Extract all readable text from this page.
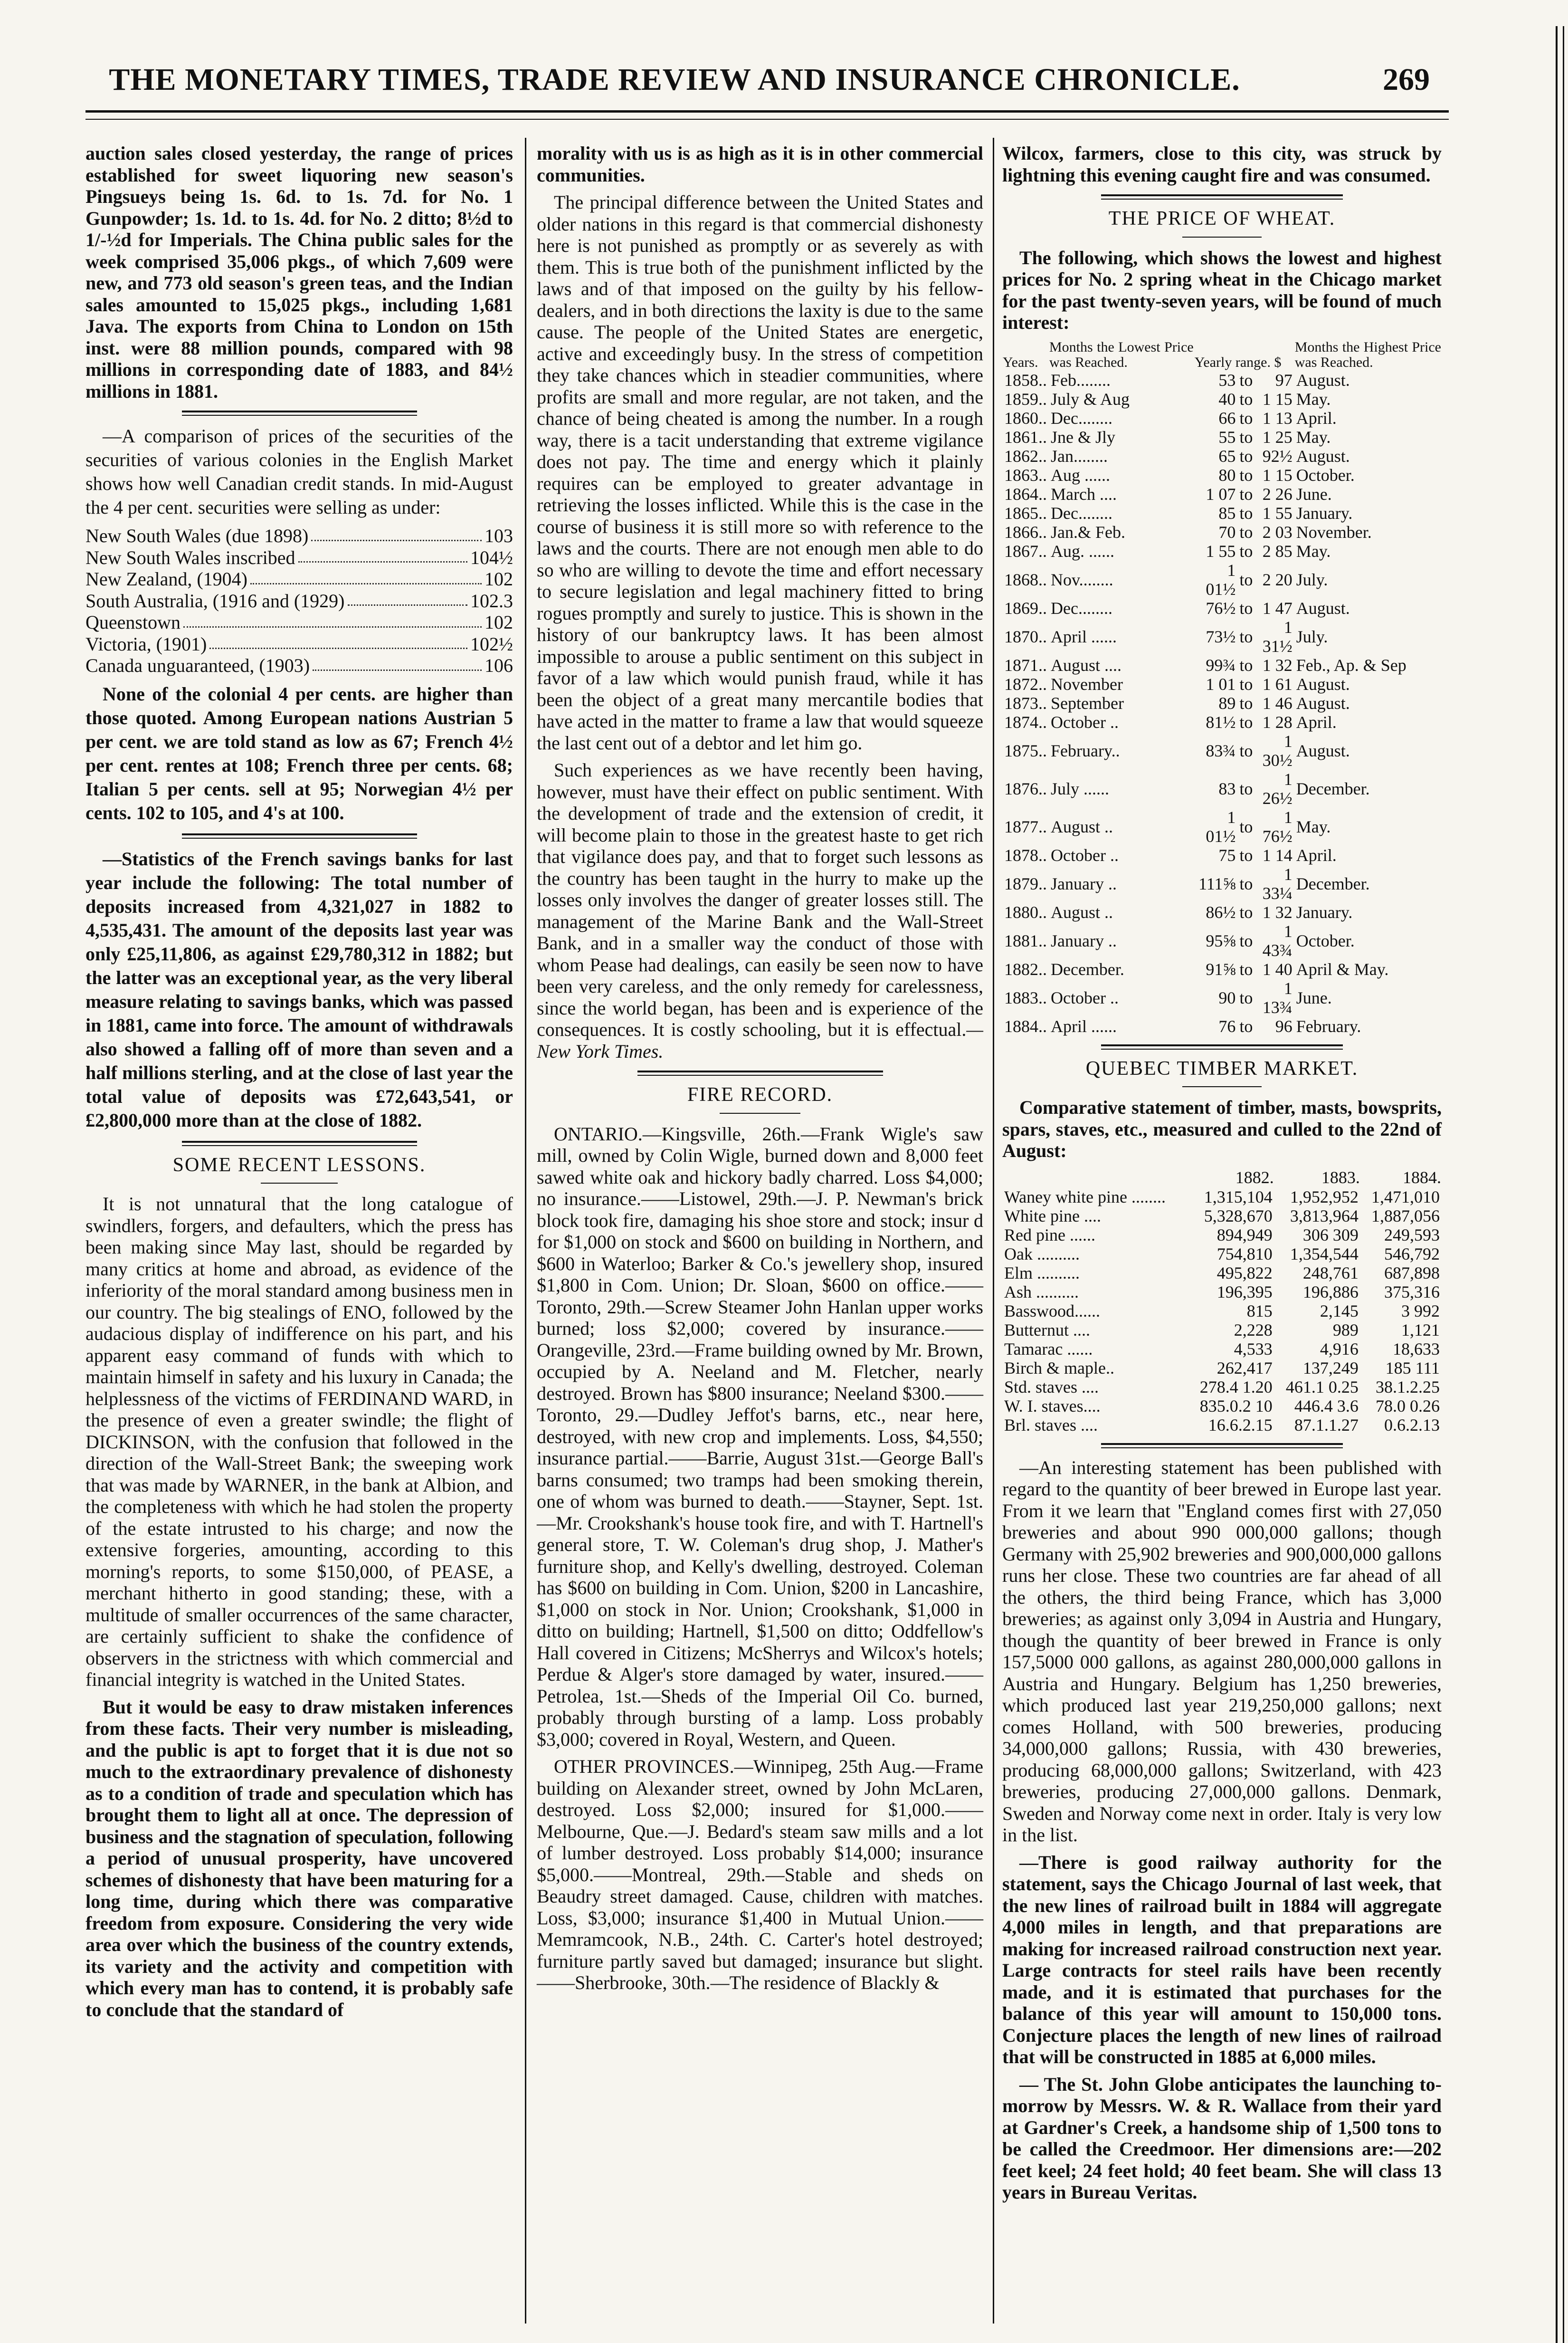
THE MONETARY TIMES, TRADE REVIEW AND INSURANCE CHRONICLE.	269

auction sales closed yesterday, the range of prices established for sweet liquoring new season's Pingsueys being 1s. 6d. to 1s. 7d. for No. 1 Gunpowder; 1s. 1d. to 1s. 4d. for No. 2 ditto; 8½d to 1/-½d for Imperials. The China public sales for the week comprised 35,006 pkgs., of which 7,609 were new, and 773 old season's green teas, and the Indian sales amounted to 15,025 pkgs., including 1,681 Java. The exports from China to London on 15th inst. were 88 million pounds, compared with 98 millions in corresponding date of 1883, and 84½ millions in 1881.

—A comparison of prices of the securities of the securities of various colonies in the English Market shows how well Canadian credit stands. In mid-August the 4 per cent. securities were selling as under:

New South Wales (due 1898)	103
New South Wales inscribed	104½
New Zealand, (1904)	102
South Australia, (1916 and (1929)	102.3
Queenstown	102
Victoria, (1901)	102½
Canada unguaranteed, (1903)	106

None of the colonial 4 per cents. are higher than those quoted. Among European nations Austrian 5 per cent. we are told stand as low as 67; French 4½ per cent. rentes at 108; French three per cents. 68; Italian 5 per cents. sell at 95; Norwegian 4½ per cents. 102 to 105, and 4's at 100.

—Statistics of the French savings banks for last year include the following: The total number of deposits increased from 4,321,027 in 1882 to 4,535,431. The amount of the deposits last year was only £25,11,806, as against £29,780,312 in 1882; but the latter was an exceptional year, as the very liberal measure relating to savings banks, which was passed in 1881, came into force. The amount of withdrawals also showed a falling off of more than seven and a half millions sterling, and at the close of last year the total value of deposits was £72,643,541, or £2,800,000 more than at the close of 1882.

SOME RECENT LESSONS.

It is not unnatural that the long catalogue of swindlers, forgers, and defaulters, which the press has been making since May last, should be regarded by many critics at home and abroad, as evidence of the inferiority of the moral standard among business men in our country. The big stealings of ENO, followed by the audacious display of indifference on his part, and his apparent easy command of funds with which to maintain himself in safety and his luxury in Canada; the helplessness of the victims of FERDINAND WARD, in the presence of even a greater swindle; the flight of DICKINSON, with the confusion that followed in the direction of the Wall-Street Bank; the sweeping work that was made by WARNER, in the bank at Albion, and the completeness with which he had stolen the property of the estate intrusted to his charge; and now the extensive forgeries, amounting, according to this morning's reports, to some $150,000, of PEASE, a merchant hitherto in good standing; these, with a multitude of smaller occurrences of the same character, are certainly sufficient to shake the confidence of observers in the strictness with which commercial and financial integrity is watched in the United States.

But it would be easy to draw mistaken inferences from these facts. Their very number is misleading, and the public is apt to forget that it is due not so much to the extraordinary prevalence of dishonesty as to a condition of trade and speculation which has brought them to light all at once. The depression of business and the stagnation of speculation, following a period of unusual prosperity, have uncovered schemes of dishonesty that have been maturing for a long time, during which there was comparative freedom from exposure. Considering the very wide area over which the business of the country extends, its variety and the activity and competition with which every man has to contend, it is probably safe to conclude that the standard of

morality with us is as high as it is in other commercial communities.

The principal difference between the United States and older nations in this regard is that commercial dishonesty here is not punished as promptly or as severely as with them. This is true both of the punishment inflicted by the laws and of that imposed on the guilty by his fellow-dealers, and in both directions the laxity is due to the same cause. The people of the United States are energetic, active and exceedingly busy. In the stress of competition they take chances which in steadier communities, where profits are small and more regular, are not taken, and the chance of being cheated is among the number. In a rough way, there is a tacit understanding that extreme vigilance does not pay. The time and energy which it plainly requires can be employed to greater advantage in retrieving the losses inflicted. While this is the case in the course of business it is still more so with reference to the laws and the courts. There are not enough men able to do so who are willing to devote the time and effort necessary to secure legislation and legal machinery fitted to bring rogues promptly and surely to justice. This is shown in the history of our bankruptcy laws. It has been almost impossible to arouse a public sentiment on this subject in favor of a law which would punish fraud, while it has been the object of a great many mercantile bodies that have acted in the matter to frame a law that would squeeze the last cent out of a debtor and let him go.

Such experiences as we have recently been having, however, must have their effect on public sentiment. With the development of trade and the extension of credit, it will become plain to those in the greatest haste to get rich that vigilance does pay, and that to forget such lessons as the country has been taught in the hurry to make up the losses only involves the danger of greater losses still. The management of the Marine Bank and the Wall-Street Bank, and in a smaller way the conduct of those with whom Pease had dealings, can easily be seen now to have been very careless, and the only remedy for carelessness, since the world began, has been and is experience of the consequences. It is costly schooling, but it is effectual.—New York Times.

FIRE RECORD.

ONTARIO.—Kingsville, 26th.—Frank Wigle's saw mill, owned by Colin Wigle, burned down and 8,000 feet sawed white oak and hickory badly charred. Loss $4,000; no insurance.——Listowel, 29th.—J. P. Newman's brick block took fire, damaging his shoe store and stock; insur d for $1,000 on stock and $600 on building in Northern, and $600 in Waterloo; Barker & Co.'s jewellery shop, insured $1,800 in Com. Union; Dr. Sloan, $600 on office.——Toronto, 29th.—Screw Steamer John Hanlan upper works burned; loss $2,000; covered by insurance.——Orangeville, 23rd.—Frame building owned by Mr. Brown, occupied by A. Neeland and M. Fletcher, nearly destroyed. Brown has $800 insurance; Neeland $300.——Toronto, 29.—Dudley Jeffot's barns, etc., near here, destroyed, with new crop and implements. Loss, $4,550; insurance partial.——Barrie, August 31st.—George Ball's barns consumed; two tramps had been smoking therein, one of whom was burned to death.——Stayner, Sept. 1st.—Mr. Crookshank's house took fire, and with T. Hartnell's general store, T. W. Coleman's drug shop, J. Mather's furniture shop, and Kelly's dwelling, destroyed. Coleman has $600 on building in Com. Union, $200 in Lancashire, $1,000 on stock in Nor. Union; Crookshank, $1,000 in ditto on building; Hartnell, $1,500 on ditto; Oddfellow's Hall covered in Citizens; McSherrys and Wilcox's hotels; Perdue & Alger's store damaged by water, insured.——Petrolea, 1st.—Sheds of the Imperial Oil Co. burned, probably through bursting of a lamp. Loss probably $3,000; covered in Royal, Western, and Queen.

OTHER PROVINCES.—Winnipeg, 25th Aug.—Frame building on Alexander street, owned by John McLaren, destroyed. Loss $2,000; insured for $1,000.——Melbourne, Que.—J. Bedard's steam saw mills and a lot of lumber destroyed. Loss probably $14,000; insurance $5,000.——Montreal, 29th.—Stable and sheds on Beaudry street damaged. Cause, children with matches. Loss, $3,000; insurance $1,400 in Mutual Union.——Memramcook, N.B., 24th. C. Carter's hotel destroyed; furniture partly saved but damaged; insurance but slight.——Sherbrooke, 30th.—The residence of Blackly &

Wilcox, farmers, close to this city, was struck by lightning this evening caught fire and was consumed.

THE PRICE OF WHEAT.

The following, which shows the lowest and highest prices for No. 2 spring wheat in the Chicago market for the past twenty-seven years, will be found of much interest:

Years.	Months the Lowest Price was Reached.	Yearly range. $			Months the Highest Price was Reached.
1858..	Feb........	53	to	97	August.
1859..	July & Aug	40	to	1 15	May.
1860..	Dec........	66	to	1 13	April.
1861..	Jne & Jly	55	to	1 25	May.
1862..	Jan........	65	to	92½	August.
1863..	Aug ......	80	to	1 15	October.
1864..	March ....	1 07	to	2 26	June.
1865..	Dec........	85	to	1 55	January.
1866..	Jan.& Feb.	70	to	2 03	November.
1867..	Aug. ......	1 55	to	2 85	May.
1868..	Nov........	1 01½	to	2 20	July.
1869..	Dec........	76½	to	1 47	August.
1870..	April ......	73½	to	1 31½	July.
1871..	August ....	99¾	to	1 32	Feb., Ap. & Sep
1872..	November	1 01	to	1 61	August.
1873..	September	89	to	1 46	August.
1874..	October ..	81½	to	1 28	April.
1875..	February..	83¾	to	1 30½	August.
1876..	July ......	83	to	1 26½	December.
1877..	August ..	1 01½	to	1 76½	May.
1878..	October ..	75	to	1 14	April.
1879..	January ..	111⅝	to	1 33¼	December.
1880..	August ..	86½	to	1 32	January.
1881..	January ..	95⅝	to	1 43¾	October.
1882..	December.	91⅝	to	1 40	April & May.
1883..	October ..	90	to	1 13¾	June.
1884..	April ......	76	to	96	February.
QUEBEC TIMBER MARKET.

Comparative statement of timber, masts, bowsprits, spars, staves, etc., measured and culled to the 22nd of August:

	1882.	1883.	1884.
Waney white pine ........	1,315,104	1,952,952	1,471,010
White pine ....	5,328,670	3,813,964	1,887,056
Red pine ......	894,949	306 309	249,593
Oak ..........	754,810	1,354,544	546,792
Elm ..........	495,822	248,761	687,898
Ash ..........	196,395	196,886	375,316
Basswood......	815	2,145	3 992
Butternut ....	2,228	989	1,121
Tamarac ......	4,533	4,916	18,633
Birch & maple..	262,417	137,249	185 111
Std. staves ....	278.4 1.20	461.1 0.25	38.1.2.25
W. I. staves....	835.0.2 10	446.4 3.6	78.0 0.26
Brl. staves ....	16.6.2.15	87.1.1.27	0.6.2.13

—An interesting statement has been published with regard to the quantity of beer brewed in Europe last year. From it we learn that "England comes first with 27,050 breweries and about 990 000,000 gallons; though Germany with 25,902 breweries and 900,000,000 gallons runs her close. These two countries are far ahead of all the others, the third being France, which has 3,000 breweries; as against only 3,094 in Austria and Hungary, though the quantity of beer brewed in France is only 157,5000 000 gallons, as against 280,000,000 gallons in Austria and Hungary. Belgium has 1,250 breweries, which produced last year 219,250,000 gallons; next comes Holland, with 500 breweries, producing 34,000,000 gallons; Russia, with 430 breweries, producing 68,000,000 gallons; Switzerland, with 423 breweries, producing 27,000,000 gallons. Denmark, Sweden and Norway come next in order. Italy is very low in the list.

—There is good railway authority for the statement, says the Chicago Journal of last week, that the new lines of railroad built in 1884 will aggregate 4,000 miles in length, and that preparations are making for increased railroad construction next year. Large contracts for steel rails have been recently made, and it is estimated that purchases for the balance of this year will amount to 150,000 tons. Conjecture places the length of new lines of railroad that will be constructed in 1885 at 6,000 miles.

— The St. John Globe anticipates the launching to-morrow by Messrs. W. & R. Wallace from their yard at Gardner's Creek, a handsome ship of 1,500 tons to be called the Creedmoor. Her dimensions are:—202 feet keel; 24 feet hold; 40 feet beam. She will class 13 years in Bureau Veritas.
